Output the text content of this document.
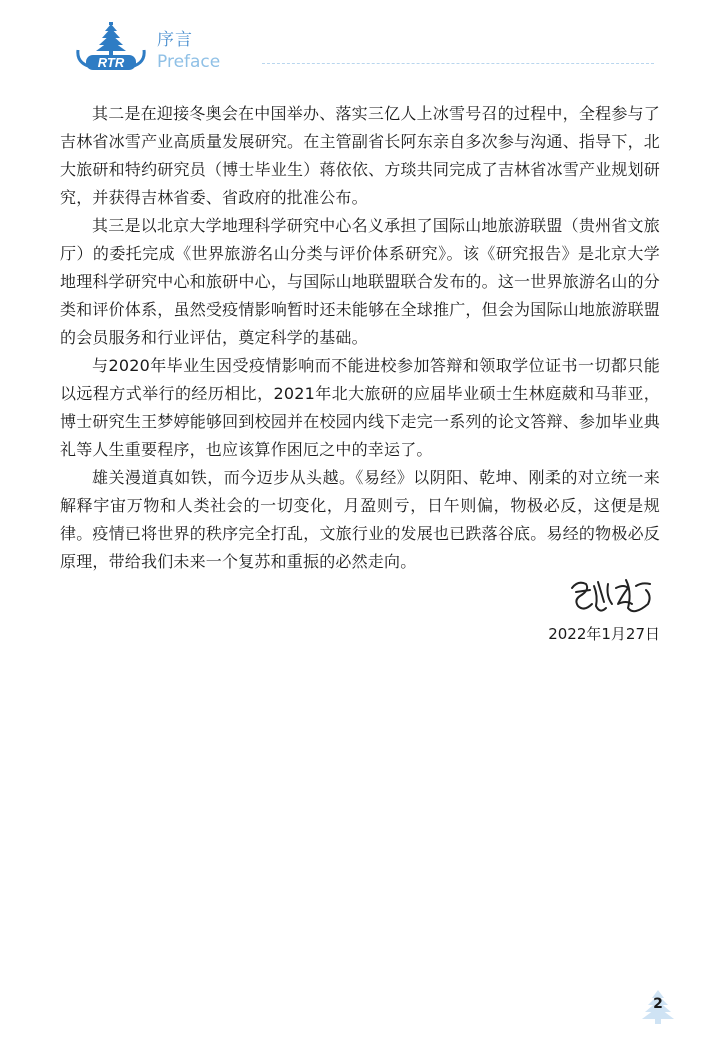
RTR
序言
Preface

其二是在迎接冬奥会在中国举办、落实三亿人上冰雪号召的过程中，全程参与了吉林省冰雪产业高质量发展研究。在主管副省长阿东亲自多次参与沟通、指导下，北大旅研和特约研究员（博士毕业生）蒋依依、方琰共同完成了吉林省冰雪产业规划研究，并获得吉林省委、省政府的批准公布。

其三是以北京大学地理科学研究中心名义承担了国际山地旅游联盟（贵州省文旅厅）的委托完成《世界旅游名山分类与评价体系研究》。该《研究报告》是北京大学地理科学研究中心和旅研中心，与国际山地联盟联合发布的。这一世界旅游名山的分类和评价体系，虽然受疫情影响暂时还未能够在全球推广，但会为国际山地旅游联盟的会员服务和行业评估，奠定科学的基础。

与2020年毕业生因受疫情影响而不能进校参加答辩和领取学位证书一切都只能以远程方式举行的经历相比，2021年北大旅研的应届毕业硕士生林庭葳和马菲亚，博士研究生王梦婷能够回到校园并在校园内线下走完一系列的论文答辩、参加毕业典礼等人生重要程序，也应该算作困厄之中的幸运了。

雄关漫道真如铁，而今迈步从头越。《易经》以阴阳、乾坤、刚柔的对立统一来解释宇宙万物和人类社会的一切变化，月盈则亏，日午则偏，物极必反，这便是规律。疫情已将世界的秩序完全打乱，文旅行业的发展也已跌落谷底。易经的物极必反原理，带给我们未来一个复苏和重振的必然走向。

2022年1月27日
2
